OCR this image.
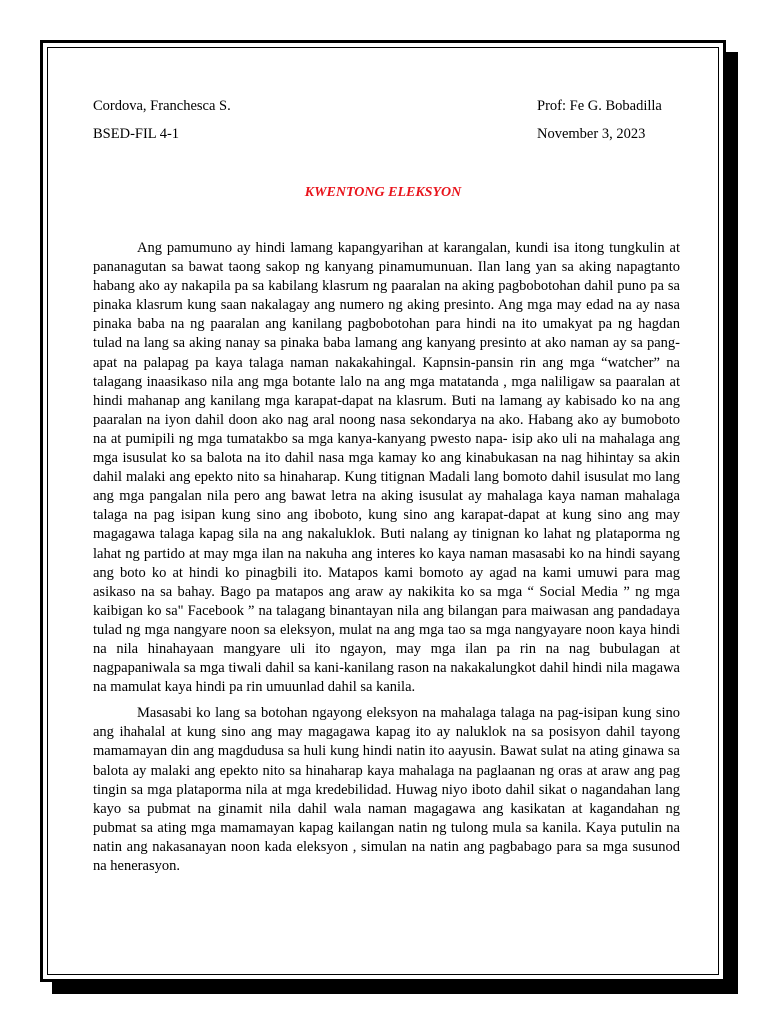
Cordova, Franchesca S.	Prof: Fe G. Bobadilla
BSED-FIL 4-1	November 3, 2023
KWENTONG ELEKSYON

Ang pamumuno ay hindi lamang kapangyarihan at karangalan, kundi isa itong tungkulin at pananagutan sa bawat taong sakop ng kanyang pinamumunuan. Ilan lang yan sa aking napagtanto habang ako ay nakapila pa sa kabilang klasrum ng paaralan na aking pagbobotohan dahil puno pa sa pinaka klasrum kung saan nakalagay ang numero ng aking presinto. Ang mga may edad na ay nasa pinaka baba na ng paaralan ang kanilang pagbobotohan para hindi na ito umakyat pa ng hagdan tulad na lang sa aking nanay sa pinaka baba lamang ang kanyang presinto at ako naman ay sa pang- apat na palapag pa kaya talaga naman nakakahingal. Kapnsin-pansin rin ang mga “watcher” na talagang inaasikaso nila ang mga botante lalo na ang mga matatanda , mga naliligaw sa paaralan at hindi mahanap ang kanilang mga karapat-dapat na klasrum. Buti na lamang ay kabisado ko na ang paaralan na iyon dahil doon ako nag aral noong nasa sekondarya na ako. Habang ako ay bumoboto na at pumipili ng mga tumatakbo sa mga kanya-kanyang pwesto napa- isip ako uli na mahalaga ang mga isusulat ko sa balota na ito dahil nasa mga kamay ko ang kinabukasan na nag hihintay sa akin dahil malaki ang epekto nito sa hinaharap. Kung titignan Madali lang bomoto dahil isusulat mo lang ang mga pangalan nila pero ang bawat letra na aking isusulat ay mahalaga kaya naman mahalaga talaga na pag isipan kung sino ang iboboto, kung sino ang karapat-dapat at kung sino ang may magagawa talaga kapag sila na ang nakaluklok. Buti nalang ay tinignan ko lahat ng plataporma ng lahat ng partido at may mga ilan na nakuha ang interes ko kaya naman masasabi ko na hindi sayang ang boto ko at hindi ko pinagbili ito. Matapos kami bomoto ay agad na kami umuwi para mag asikaso na sa bahay. Bago pa matapos ang araw ay nakikita ko sa mga “ Social Media ” ng mga kaibigan ko sa" Facebook ” na talagang binantayan nila ang bilangan para maiwasan ang pandadaya tulad ng mga nangyare noon sa eleksyon, mulat na ang mga tao sa mga nangyayare noon kaya hindi na nila hinahayaan mangyare uli ito ngayon, may mga ilan pa rin na nag bubulagan at nagpapaniwala sa mga tiwali dahil sa kani-kanilang rason na nakakalungkot dahil hindi nila magawa na mamulat kaya hindi pa rin umuunlad dahil sa kanila.

Masasabi ko lang sa botohan ngayong eleksyon na mahalaga talaga na pag-isipan kung sino ang ihahalal at kung sino ang may magagawa kapag ito ay naluklok na sa posisyon dahil tayong mamamayan din ang magdudusa sa huli kung hindi natin ito aayusin. Bawat sulat na ating ginawa sa balota ay malaki ang epekto nito sa hinaharap kaya mahalaga na paglaanan ng oras at araw ang pag tingin sa mga plataporma nila at mga kredebilidad. Huwag niyo iboto dahil sikat o nagandahan lang kayo sa pubmat na ginamit nila dahil wala naman magagawa ang kasikatan at kagandahan ng pubmat sa ating mga mamamayan kapag kailangan natin ng tulong mula sa kanila. Kaya putulin na natin ang nakasanayan noon kada eleksyon , simulan na natin ang pagbabago para sa mga susunod na henerasyon.
